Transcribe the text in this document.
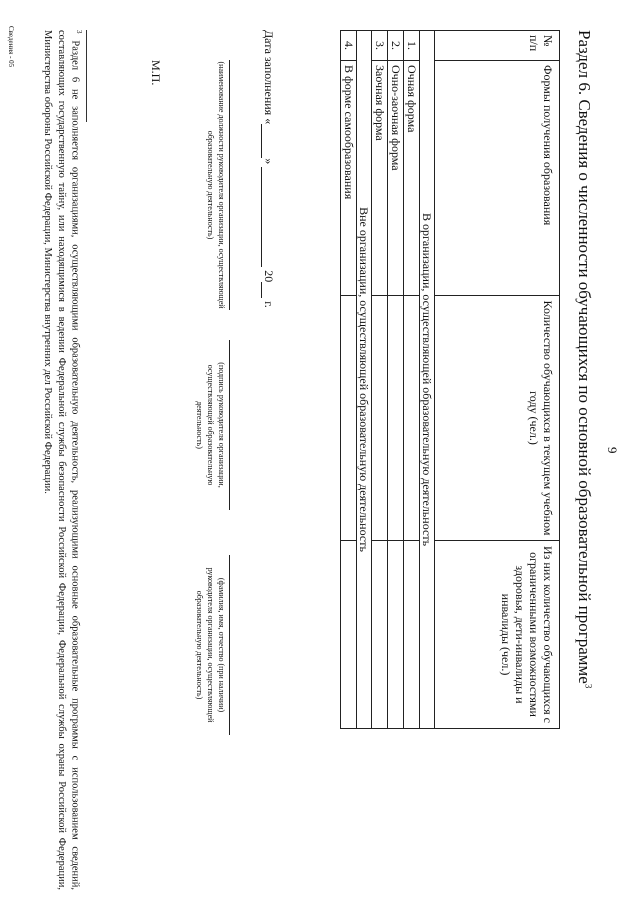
9
Раздел 6. Сведения о численности обучающихся по основной образовательной программе$^3$
№ п/п	Формы получения образования	Количество обучающихся в текущем учебном году (чел.)	Из них количество обучающихся с ограниченными возможностями здоровья, дети-инвалиды и инвалиды (чел.)
В организации, осуществляющей образовательную деятельность			
1.	Очная форма		
2.	Очно-заочная форма		
3.	Заочная форма		
Вне организации, осуществляющей образовательную деятельность			
4.	В форме самообразования		
Дата заполнения « »   20  г.
(наименование должности руководителя организации, осуществляющей образовательную деятельность)
(подпись руководителя организации, осуществляющей образовательную деятельность)
(фамилия, имя, отчество (при наличии) руководителя организации, осуществляющей образовательную деятельность)
М.П.
$^3$ Раздел 6 не заполняется организациями, осуществляющими образовательную деятельность, реализующими основные образовательные программы с использованием сведений, составляющих государственную тайну, или находящимися в ведении Федеральной службы безопасности Российской Федерации, Федеральной службы охраны Российской Федерации, Министерства обороны Российской Федерации, Министерства внутренних дел Российской Федерации.
Сведения - 05
